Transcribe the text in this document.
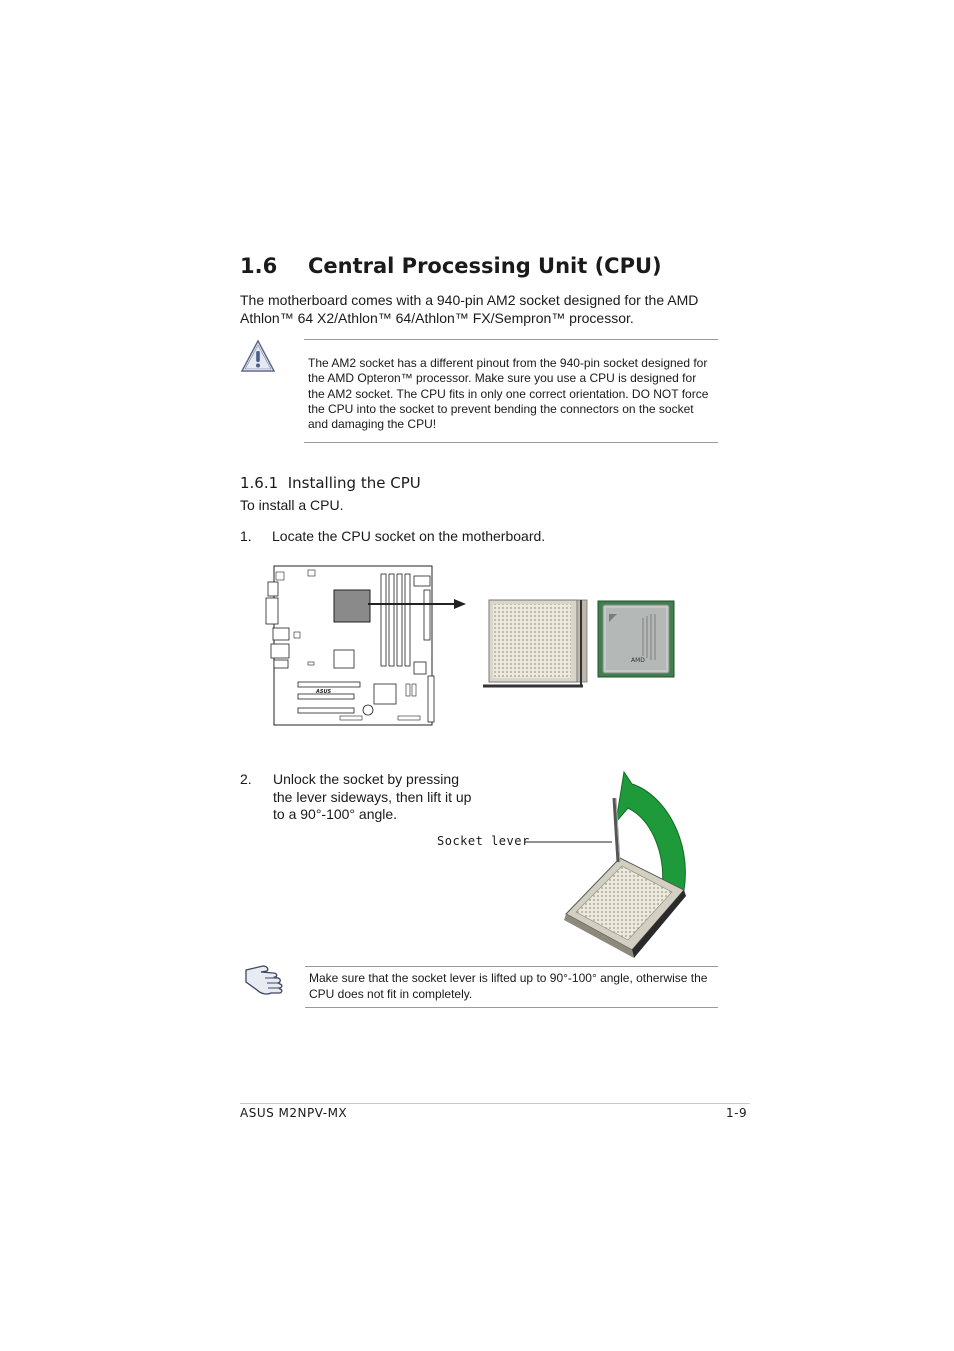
1.6 Central Processing Unit (CPU)
The motherboard comes with a 940-pin AM2 socket designed for the AMD Athlon™ 64 X2/Athlon™ 64/Athlon™ FX/Sempron™ processor.
The AM2 socket has a different pinout from the 940-pin socket designed for the AMD Opteron™ processor. Make sure you use a CPU is designed for the AM2 socket. The CPU fits in only one correct orientation. DO NOT force the CPU into the socket to prevent bending the connectors on the socket and damaging the CPU!
1.6.1 Installing the CPU
To install a CPU.
1. Locate the CPU socket on the motherboard.
ASUS
AMD
2. Unlock the socket by pressing
the lever sideways, then lift it up
to a 90°-100° angle.
Socket lever
Make sure that the socket lever is lifted up to 90°-100° angle, otherwise the CPU does not fit in completely.
ASUS M2NPV-MX	1-9
